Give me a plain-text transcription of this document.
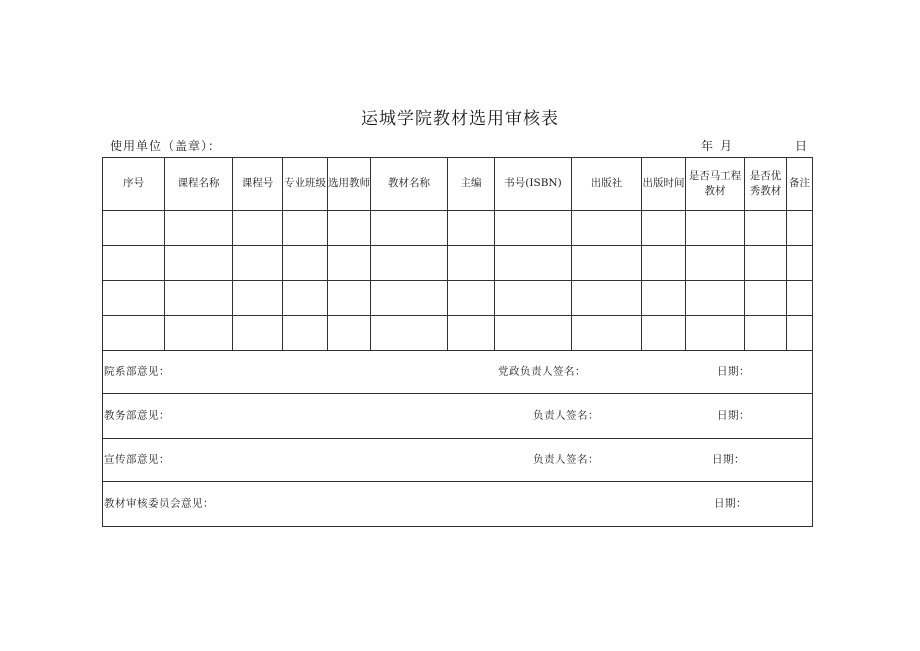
运城学院教材选用审核表
使用单位（盖章）：	年 月	日
序号	课程名称	课程号	专业班级	选用教师	教材名称	主编	书号(ISBN)	出版社	出版时间	是否马工程教材	是否优秀教材	备注

院系部意见： 党政负责人签名： 日期：												

教务部意见： 负责人签名： 日期：												

宣传部意见： 负责人签名： 日期：												

教材审核委员会意见： 日期：												
